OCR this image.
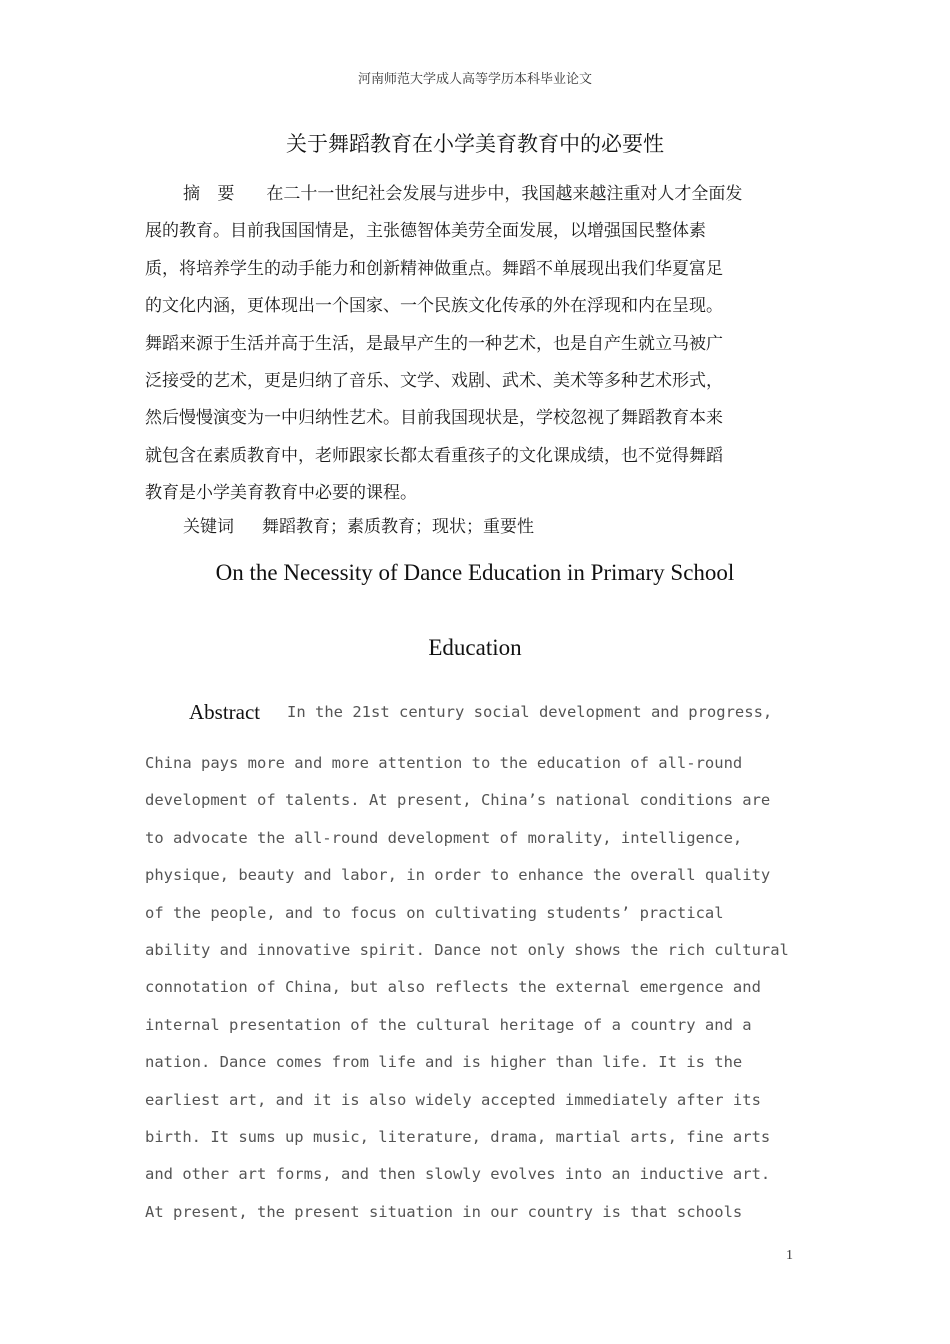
河南师范大学成人高等学历本科毕业论文
关于舞蹈教育在小学美育教育中的必要性
摘 要 在二十一世纪社会发展与进步中，我国越来越注重对人才全面发
展的教育。目前我国国情是，主张德智体美劳全面发展，以增强国民整体素
质，将培养学生的动手能力和创新精神做重点。舞蹈不单展现出我们华夏富足
的文化内涵，更体现出一个国家、一个民族文化传承的外在浮现和内在呈现。
舞蹈来源于生活并高于生活，是最早产生的一种艺术，也是自产生就立马被广
泛接受的艺术，更是归纳了音乐、文学、戏剧、武术、美术等多种艺术形式，
然后慢慢演变为一中归纳性艺术。目前我国现状是，学校忽视了舞蹈教育本来
就包含在素质教育中，老师跟家长都太看重孩子的文化课成绩，也不觉得舞蹈
教育是小学美育教育中必要的课程。
关键词 舞蹈教育；素质教育；现状；重要性
On the Necessity of Dance Education in Primary School
Education
Abstract In the 21st century social development and progress,
China pays more and more attention to the education of all-round
development of talents. At present, China’s national conditions are
to advocate the all-round development of morality, intelligence,
physique, beauty and labor, in order to enhance the overall quality
of the people, and to focus on cultivating students’ practical
ability and innovative spirit. Dance not only shows the rich cultural
connotation of China, but also reflects the external emergence and
internal presentation of the cultural heritage of a country and a
nation. Dance comes from life and is higher than life. It is the
earliest art, and it is also widely accepted immediately after its
birth. It sums up music, literature, drama, martial arts, fine arts
and other art forms, and then slowly evolves into an inductive art.
At present, the present situation in our country is that schools
1
